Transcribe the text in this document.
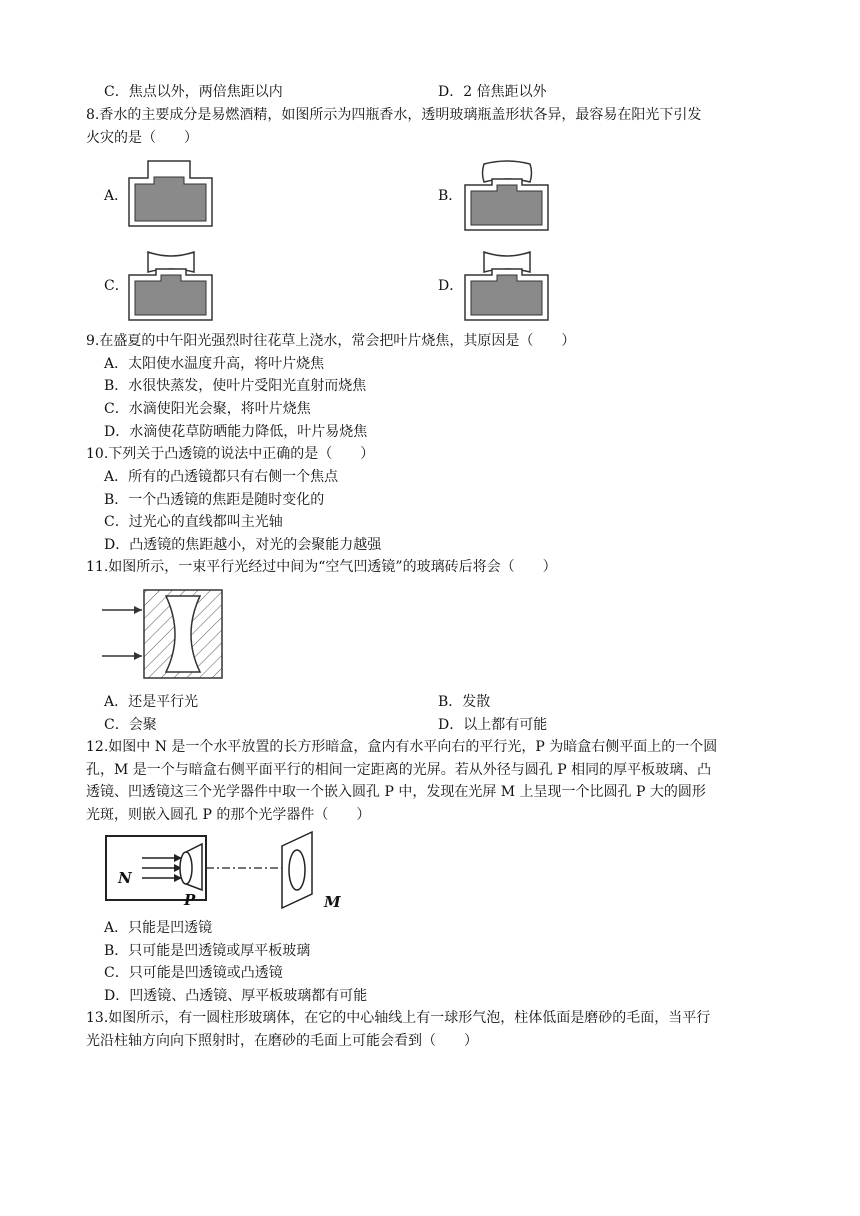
C．焦点以外，两倍焦距以内	D．2 倍焦距以外
8.香水的主要成分是易燃酒精，如图所示为四瓶香水，透明玻璃瓶盖形状各异，最容易在阳光下引发
火灾的是（　　）
A．	B．
C．	D．
9.在盛夏的中午阳光强烈时往花草上浇水，常会把叶片烧焦，其原因是（　　）
A．太阳使水温度升高，将叶片烧焦
B．水很快蒸发，使叶片受阳光直射而烧焦
C．水滴使阳光会聚，将叶片烧焦
D．水滴使花草防晒能力降低，叶片易烧焦
10.下列关于凸透镜的说法中正确的是（　　）
A．所有的凸透镜都只有右侧一个焦点
B．一个凸透镜的焦距是随时变化的
C．过光心的直线都叫主光轴
D．凸透镜的焦距越小，对光的会聚能力越强
11.如图所示，一束平行光经过中间为“空气凹透镜”的玻璃砖后将会（　　）
A．还是平行光	B．发散
C．会聚	D．以上都有可能
12.如图中 N 是一个水平放置的长方形暗盒，盒内有水平向右的平行光，P 为暗盒右侧平面上的一个圆
孔，M 是一个与暗盒右侧平面平行的相间一定距离的光屏。若从外径与圆孔 P 相同的厚平板玻璃、凸
透镜、凹透镜这三个光学器件中取一个嵌入圆孔 P 中，发现在光屏 M 上呈现一个比圆孔 P 大的圆形
光斑，则嵌入圆孔 P 的那个光学器件（　　）
N
P	M
A．只能是凹透镜
B．只可能是凹透镜或厚平板玻璃
C．只可能是凹透镜或凸透镜
D．凹透镜、凸透镜、厚平板玻璃都有可能
13.如图所示，有一圆柱形玻璃体，在它的中心轴线上有一球形气泡，柱体低面是磨砂的毛面，当平行
光沿柱轴方向向下照射时，在磨砂的毛面上可能会看到（　　）
